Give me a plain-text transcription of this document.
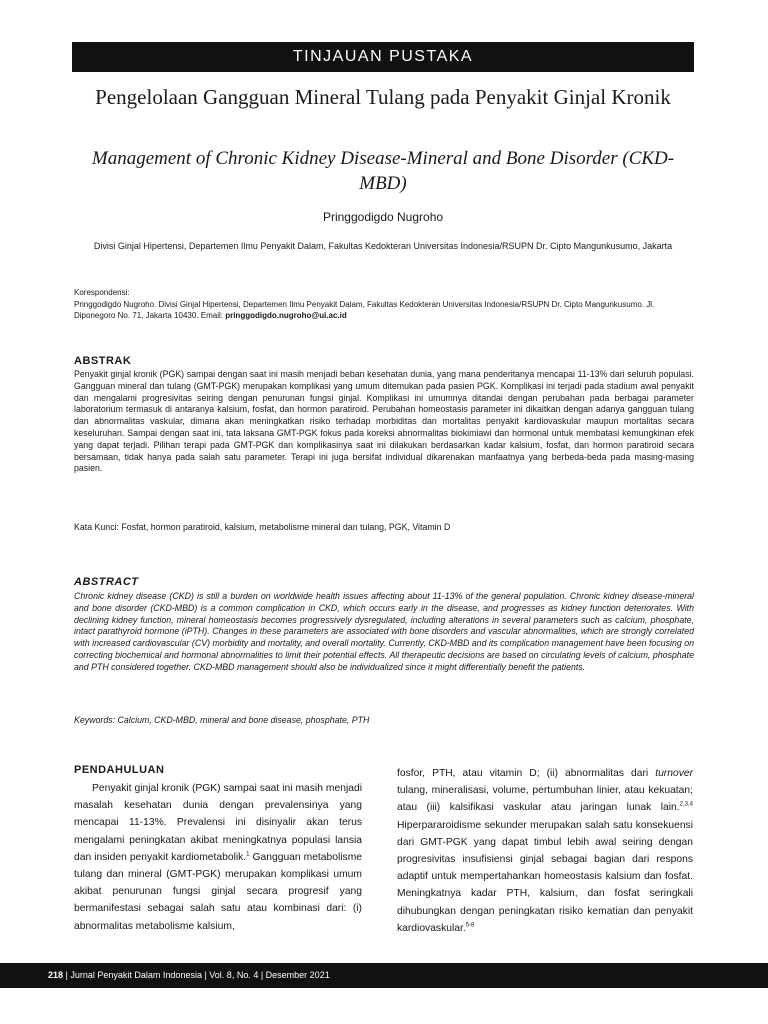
TINJAUAN PUSTAKA
Pengelolaan Gangguan Mineral Tulang pada Penyakit Ginjal Kronik
Management of Chronic Kidney Disease-Mineral and Bone Disorder (CKD-MBD)
Pringgodigdo Nugroho
Divisi Ginjal Hipertensi, Departemen Ilmu Penyakit Dalam, Fakultas Kedokteran Universitas Indonesia/RSUPN Dr. Cipto Mangunkusumo, Jakarta
Korespondensi:
Pringgodigdo Nugroho. Divisi Ginjal Hipertensi, Departemen Ilmu Penyakit Dalam, Fakultas Kedokteran Universitas Indonesia/RSUPN Dr. Cipto Mangunkusumo. Jl. Diponegoro No. 71, Jakarta 10430. Email: pringgodigdo.nugroho@ui.ac.id
ABSTRAK
Penyakit ginjal kronik (PGK) sampai dengan saat ini masih menjadi beban kesehatan dunia, yang mana penderitanya mencapai 11-13% dari seluruh populasi. Gangguan mineral dan tulang (GMT-PGK) merupakan komplikasi yang umum ditemukan pada pasien PGK. Komplikasi ini terjadi pada stadium awal penyakit dan mengalami progresivitas seiring dengan penurunan fungsi ginjal. Komplikasi ini umumnya ditandai dengan perubahan pada berbagai parameter laboratorium termasuk di antaranya kalsium, fosfat, dan hormon paratiroid. Perubahan homeostasis parameter ini dikaitkan dengan adanya gangguan tulang dan abnormalitas vaskular, dimana akan meningkatkan risiko terhadap morbiditas dan mortalitas penyakit kardiovaskular maupun mortalitas secara keseluruhan. Sampai dengan saat ini, tata laksana GMT-PGK fokus pada koreksi abnormalitas biokimiawi dan hormonal untuk membatasi kemungkinan efek yang dapat terjadi. Pilihan terapi pada GMT-PGK dan komplikasinya saat ini dilakukan berdasarkan kadar kalsium, fosfat, dan hormon paratiroid secara bersamaan, tidak hanya pada salah satu parameter. Terapi ini juga bersifat individual dikarenakan manfaatnya yang berbeda-beda pada masing-masing pasien.
Kata Kunci: Fosfat, hormon paratiroid, kalsium, metabolisme mineral dan tulang, PGK, Vitamin D
ABSTRACT
Chronic kidney disease (CKD) is still a burden on worldwide health issues affecting about 11-13% of the general population. Chronic kidney disease-mineral and bone disorder (CKD-MBD) is a common complication in CKD, which occurs early in the disease, and progresses as kidney function deteriorates. With declining kidney function, mineral homeostasis becomes progressively dysregulated, including alterations in several parameters such as calcium, phosphate, intact parathyroid hormone (iPTH). Changes in these parameters are associated with bone disorders and vascular abnormalities, which are strongly correlated with increased cardiovascular (CV) morbidity and mortality, and overall mortality. Currently, CKD-MBD and its complication management have been focusing on correcting biochemical and hormonal abnormalities to limit their potential effects. All therapeutic decisions are based on circulating levels of calcium, phosphate and PTH considered together. CKD-MBD management should also be individualized since it might differentially benefit the patients.
Keywords: Calcium, CKD-MBD, mineral and bone disease, phosphate, PTH
PENDAHULUAN
Penyakit ginjal kronik (PGK) sampai saat ini masih menjadi masalah kesehatan dunia dengan prevalensinya yang mencapai 11-13%. Prevalensi ini disinyalir akan terus mengalami peningkatan akibat meningkatnya populasi lansia dan insiden penyakit kardiometabolik.$^1$ Gangguan metabolisme tulang dan mineral (GMT-PGK) merupakan komplikasi umum akibat penurunan fungsi ginjal secara progresif yang bermanifestasi sebagai salah satu atau kombinasi dari: (i) abnormalitas metabolisme kalsium,
fosfor, PTH, atau vitamin D; (ii) abnormalitas dari turnover tulang, mineralisasi, volume, pertumbuhan linier, atau kekuatan; atau (iii) kalsifikasi vaskular atau jaringan lunak lain.$^{2,3,4}$ Hiperpararoidisme sekunder merupakan salah satu konsekuensi dari GMT-PGK yang dapat timbul lebih awal seiring dengan progresivitas insufisiensi ginjal sebagai bagian dari respons adaptif untuk mempertahankan homeostasis kalsium dan fosfat. Meningkatnya kadar PTH, kalsium, dan fosfat seringkali dihubungkan dengan peningkatan risiko kematian dan penyakit kardiovaskular.$^{5-8}$
218 | Jurnal Penyakit Dalam Indonesia | Vol. 8, No. 4 | Desember 2021
